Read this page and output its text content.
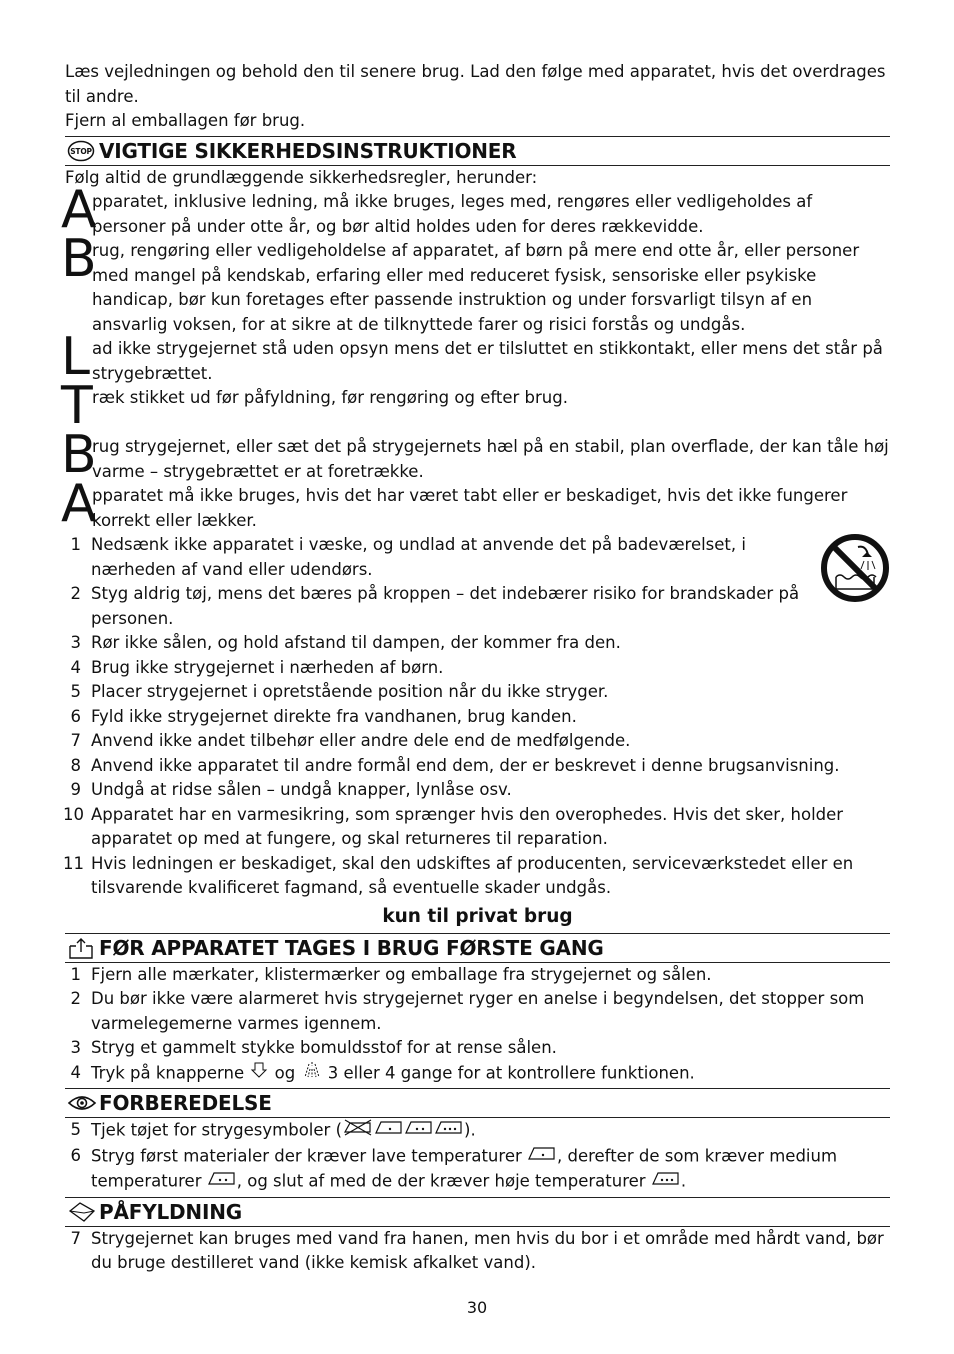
Læs vejledningen og behold den til senere brug. Lad den følge med apparatet, hvis det overdrages til andre.

Fjern al emballagen før brug.

STOP VIGTIGE SIKKERHEDSINSTRUKTIONER

Følg altid de grundlæggende sikkerhedsregler, herunder:

A
pparatet, inklusive ledning, må ikke bruges, leges med, rengøres eller vedligeholdes af personer på under otte år, og bør altid holdes uden for deres rækkevidde.
B
rug, rengøring eller vedligeholdelse af apparatet, af børn på mere end otte år, eller personer med mangel på kendskab, erfaring eller med reduceret fysisk, sensoriske eller psykiske handicap, bør kun foretages efter passende instruktion og under forsvarligt tilsyn af en ansvarlig voksen, for at sikre at de tilknyttede farer og risici forstås og undgås.
L ad ikke strygejernet stå uden opsyn mens det er tilsluttet en stikkontakt, eller mens det står på strygebrættet.
T ræk stikket ud før påfyldning, før rengøring og efter brug.
B
rug strygejernet, eller sæt det på strygejernets hæl på en stabil, plan overflade, der kan tåle høj varme – strygebrættet er at foretrække.
A
pparatet må ikke bruges, hvis det har været tabt eller er beskadiget, hvis det ikke fungerer korrekt eller lækker.
1 Nedsænk ikke apparatet i væske, og undlad at anvende det på badeværelset, i nærheden af vand eller udendørs.
2 Styg aldrig tøj, mens det bæres på kroppen – det indebærer risiko for brandskader på personen.
3 Rør ikke sålen, og hold afstand til dampen, der kommer fra den.
4 Brug ikke strygejernet i nærheden af børn.
5 Placer strygejernet i opretstående position når du ikke stryger.
6 Fyld ikke strygejernet direkte fra vandhanen, brug kanden.
7 Anvend ikke andet tilbehør eller andre dele end de medfølgende.
8 Anvend ikke apparatet til andre formål end dem, der er beskrevet i denne brugsanvisning.
9 Undgå at ridse sålen – undgå knapper, lynlåse osv.
10 Apparatet har en varmesikring, som sprænger hvis den overophedes. Hvis det sker, holder apparatet op med at fungere, og skal returneres til reparation.
11 Hvis ledningen er beskadiget, skal den udskiftes af producenten, serviceværkstedet eller en tilsvarende kvalificeret fagmand, så eventuelle skader undgås.
kun til privat brug
FØR APPARATET TAGES I BRUG FØRSTE GANG
1 Fjern alle mærkater, klistermærker og emballage fra strygejernet og sålen.
2 Du bør ikke være alarmeret hvis strygejernet ryger en anelse i begyndelsen, det stopper som varmelegemerne varmes igennem.
3 Stryg et gammelt stykke bomuldsstof for at rense sålen.
4 Tryk på knapperne og 3 eller 4 gange for at kontrollere funktionen.
FORBEREDELSE
5 Tjek tøjet for strygesymboler (	).
6 Stryg først materialer der kræver lave temperaturer , derefter de som kræver medium temperaturer , og slut af med de der kræver høje temperaturer .
PÅFYLDNING
7 Strygejernet kan bruges med vand fra hanen, men hvis du bor i et område med hårdt vand, bør du bruge destilleret vand (ikke kemisk afkalket vand).
30
